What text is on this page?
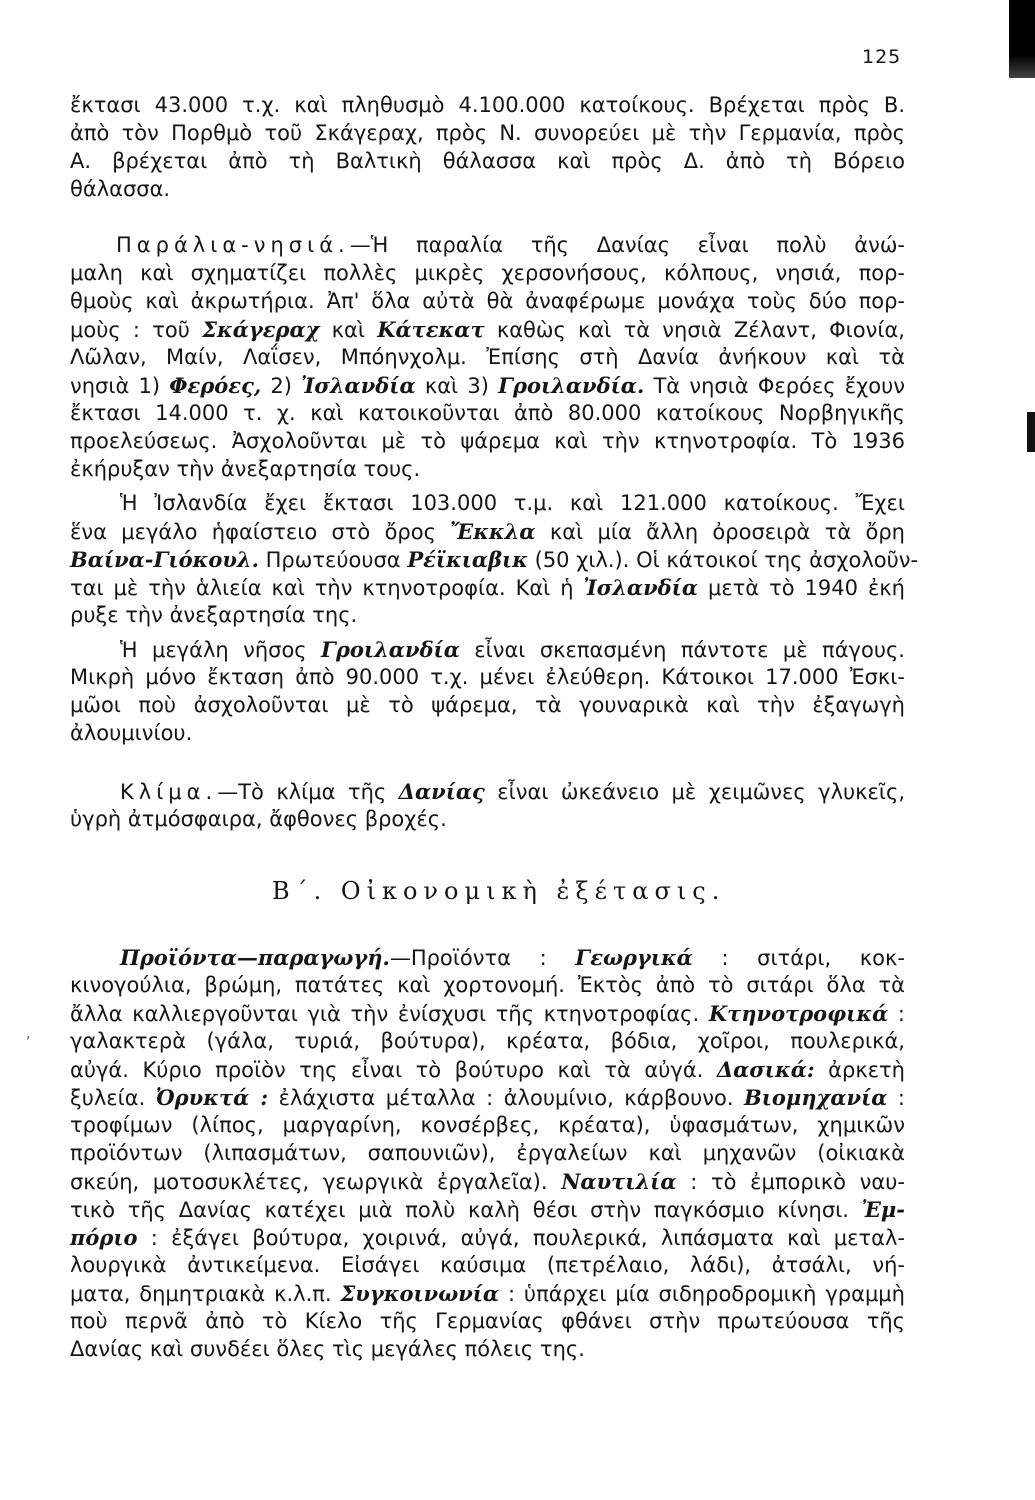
,
125
ἔκτασι 43.000 τ.χ. καὶ πληθυσμὸ 4.100.000 κατοίκους. Βρέχεται πρὸς Β.
ἀπὸ τὸν Πορθμὸ τοῦ Σκάγεραχ, πρὸς Ν. συνορεύει μὲ τὴν Γερμανία, πρὸς
Α. βρέχεται ἀπὸ τὴ Βαλτικὴ θάλασσα καὶ πρὸς Δ. ἀπὸ τὴ Βόρειο
θάλασσα.
Παράλια-νησιά.—Ἡ παραλία τῆς Δανίας εἶναι πολὺ ἀνώ-
μαλη καὶ σχηματίζει πολλὲς μικρὲς χερσονήσους, κόλπους, νησιά, πορ-
θμοὺς καὶ ἀκρωτήρια. Ἀπ' ὅλα αὐτὰ θὰ ἀναφέρωμε μονάχα τοὺς δύο πορ-
μοὺς : τοῦ Σκάγεραχ καὶ Κάτεκατ καθὼς καὶ τὰ νησιὰ Ζέλαντ, Φιονία,
Λῶλαν, Μαίν, Λαΐσεν, Μπόηνχολμ. Ἐπίσης στὴ Δανία ἀνήκουν καὶ τὰ
νησιὰ 1) Φερόες, 2) Ἰσλανδία καὶ 3) Γροιλανδία. Τὰ νησιὰ Φερόες ἔχουν
ἔκτασι 14.000 τ. χ. καὶ κατοικοῦνται ἀπὸ 80.000 κατοίκους Νορβηγικῆς
προελεύσεως. Ἀσχολοῦνται μὲ τὸ ψάρεμα καὶ τὴν κτηνοτροφία. Τὸ 1936
ἐκήρυξαν τὴν ἀνεξαρτησία τους.
Ἡ Ἰσλανδία ἔχει ἔκτασι 103.000 τ.μ. καὶ 121.000 κατοίκους. Ἔχει
ἕνα μεγάλο ἡφαίστειο στὸ ὄρος Ἔκκλα καὶ μία ἄλλη ὀροσειρὰ τὰ ὄρη
Βαίνα-Γιόκουλ. Πρωτεύουσα Ρέϊκιαβικ (50 χιλ.). Οἱ κάτοικοί της ἀσχολοῦν-
ται μὲ τὴν ἁλιεία καὶ τὴν κτηνοτροφία. Καὶ ἡ Ἰσλανδία μετὰ τὸ 1940 ἐκή
ρυξε τὴν ἀνεξαρτησία της.
Ἡ μεγάλη νῆσος Γροιλανδία εἶναι σκεπασμένη πάντοτε μὲ πάγους.
Μικρὴ μόνο ἔκταση ἀπὸ 90.000 τ.χ. μένει ἐλεύθερη. Κάτοικοι 17.000 Ἐσκι-
μῶοι ποὺ ἀσχολοῦνται μὲ τὸ ψάρεμα, τὰ γουναρικὰ καὶ τὴν ἐξαγωγὴ
ἀλουμινίου.
Κλίμα.—Τὸ κλίμα τῆς Δανίας εἶναι ὠκεάνειο μὲ χειμῶνες γλυκεῖς,
ὑγρὴ ἀτμόσφαιρα, ἄφθονες βροχές.
Προϊόντα—παραγωγή.—Προϊόντα : Γεωργικά : σιτάρι, κοκ-
κινογούλια, βρώμη, πατάτες καὶ χορτονομή. Ἐκτὸς ἀπὸ τὸ σιτάρι ὅλα τὰ
ἄλλα καλλιεργοῦνται γιὰ τὴν ἐνίσχυσι τῆς κτηνοτροφίας. Κτηνοτροφικά :
γαλακτερὰ (γάλα, τυριά, βούτυρα), κρέατα, βόδια, χοῖροι, πουλερικά,
αὐγά. Κύριο προϊὸν της εἶναι τὸ βούτυρο καὶ τὰ αὐγά. Δασικά: ἀρκετὴ
ξυλεία. Ὀρυκτά : ἐλάχιστα μέταλλα : ἀλουμίνιο, κάρβουνο. Βιομηχανία :
τροφίμων (λίπος, μαργαρίνη, κονσέρβες, κρέατα), ὑφασμάτων, χημικῶν
προϊόντων (λιπασμάτων, σαπουνιῶν), ἐργαλείων καὶ μηχανῶν (οἰκιακὰ
σκεύη, μοτοσυκλέτες, γεωργικὰ ἐργαλεῖα). Ναυτιλία : τὸ ἐμπορικὸ ναυ-
τικὸ τῆς Δανίας κατέχει μιὰ πολὺ καλὴ θέσι στὴν παγκόσμιο κίνησι. Ἐμ-
πόριο : ἐξάγει βούτυρα, χοιρινά, αὐγά, πουλερικά, λιπάσματα καὶ μεταλ-
λουργικὰ ἀντικείμενα. Εἰσάγει καύσιμα (πετρέλαιο, λάδι), ἀτσάλι, νή-
ματα, δημητριακὰ κ.λ.π. Συγκοινωνία : ὑπάρχει μία σιδηροδρομικὴ γραμμὴ
ποὺ περνᾶ ἀπὸ τὸ Κίελο τῆς Γερμανίας φθάνει στὴν πρωτεύουσα τῆς
Δανίας καὶ συνδέει ὅλες τὶς μεγάλες πόλεις της.
Β΄. Οἰκονομικὴ ἐξέτασις.
